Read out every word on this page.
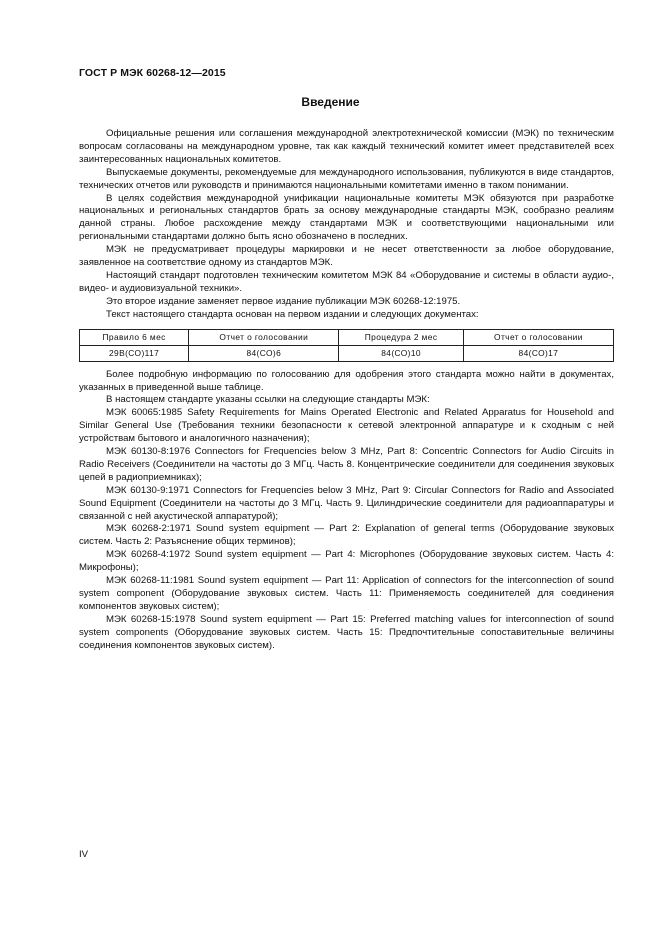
ГОСТ Р МЭК 60268-12—2015
Введение

Официальные решения или соглашения международной электротехнической комиссии (МЭК) по техническим вопросам согласованы на международном уровне, так как каждый технический комитет имеет представителей всех заинтересованных национальных комитетов.

Выпускаемые документы, рекомендуемые для международного использования, публикуются в виде стандартов, технических отчетов или руководств и принимаются национальными комитетами именно в таком понимании.

В целях содействия международной унификации национальные комитеты МЭК обязуются при разработке национальных и региональных стандартов брать за основу международные стандарты МЭК, сообразно реалиям данной страны. Любое расхождение между стандартами МЭК и соответствующими национальными или региональными стандартами должно быть ясно обозначено в последних.

МЭК не предусматривает процедуры маркировки и не несет ответственности за любое оборудование, заявленное на соответствие одному из стандартов МЭК.

Настоящий стандарт подготовлен техническим комитетом МЭК 84 «Оборудование и системы в области аудио-, видео- и аудиовизуальной техники».

Это второе издание заменяет первое издание публикации МЭК 60268-12:1975.

Текст настоящего стандарта основан на первом издании и следующих документах:

Правило 6 мес	Отчет о голосовании	Процедура 2 мес	Отчет о голосовании
29В(СО)117	84(СО)6	84(СО)10	84(СО)17

Более подробную информацию по голосованию для одобрения этого стандарта можно найти в документах, указанных в приведенной выше таблице.

В настоящем стандарте указаны ссылки на следующие стандарты МЭК:

МЭК 60065:1985 Safety Requirements for Mains Operated Electronic and Related Apparatus for Household and Similar General Use (Требования техники безопасности к сетевой электронной аппаратуре и к сходным с ней устройствам бытового и аналогичного назначения);

МЭК 60130-8:1976 Connectors for Frequencies below 3 MHz, Part 8: Concentric Connectors for Audio Circuits in Radio Receivers (Соединители на частоты до 3 МГц. Часть 8. Концентрические соединители для соединения звуковых цепей в радиоприемниках);

МЭК 60130-9:1971 Connectors for Frequencies below 3 MHz, Part 9: Circular Connectors for Radio and Associated Sound Equipment (Соединители на частоты до 3 МГц. Часть 9. Цилиндрические соединители для радиоаппаратуры и связанной с ней акустической аппаратурой);

МЭК 60268-2:1971 Sound system equipment — Part 2: Explanation of general terms (Оборудование звуковых систем. Часть 2: Разъяснение общих терминов);

МЭК 60268-4:1972 Sound system equipment — Part 4: Microphones (Оборудование звуковых систем. Часть 4: Микрофоны);

МЭК 60268-11:1981 Sound system equipment — Part 11: Application of connectors for the interconnection of sound system component (Оборудование звуковых систем. Часть 11: Применяемость соединителей для соединения компонентов звуковых систем);

МЭК 60268-15:1978 Sound system equipment — Part 15: Preferred matching values for interconnection of sound system components (Оборудование звуковых систем. Часть 15: Предпочтительные сопоставительные величины соединения компонентов звуковых систем).

IV
